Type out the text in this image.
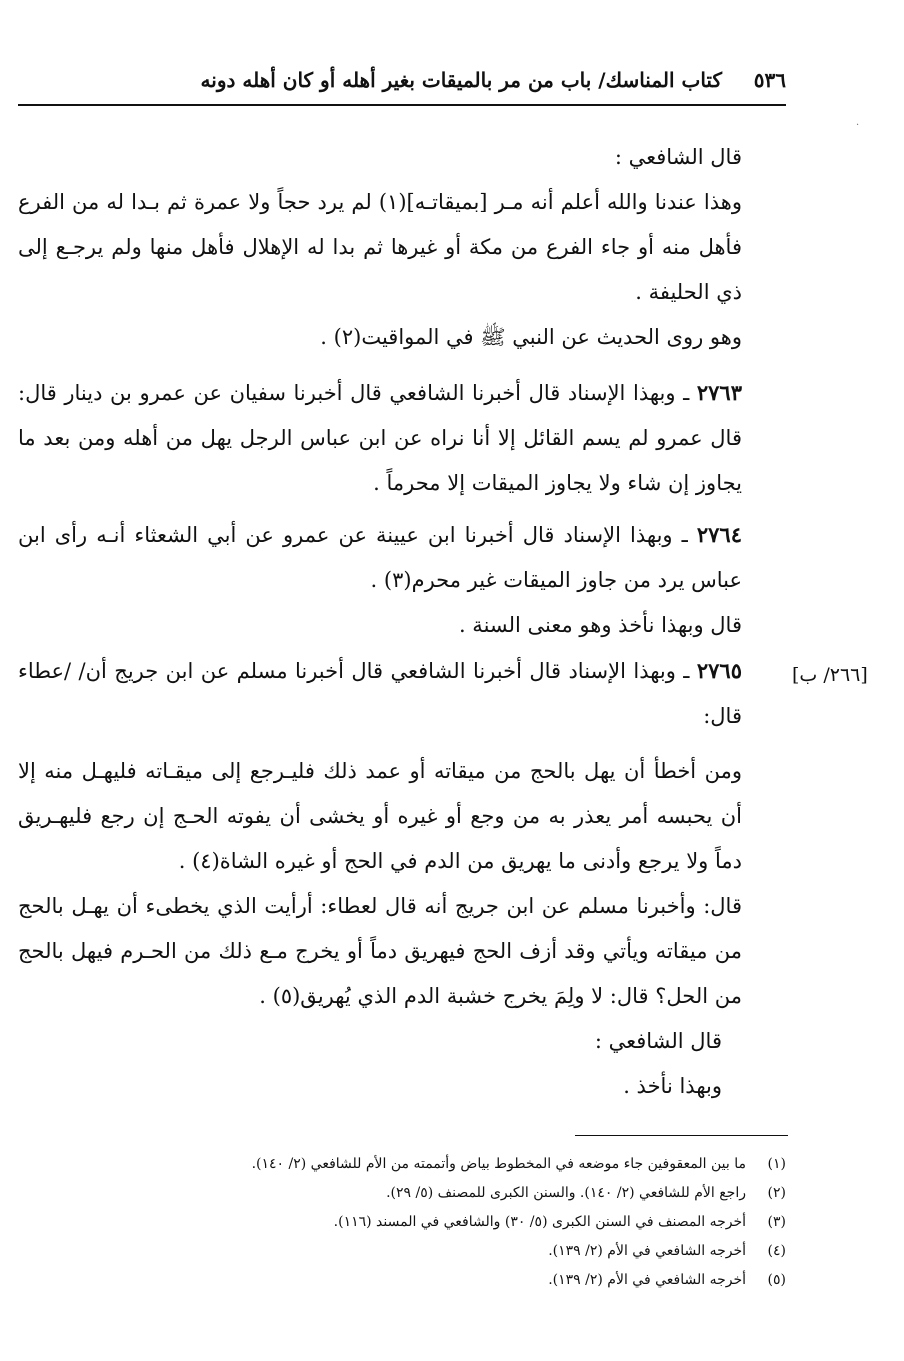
٥٣٦
كتاب المناسك/ باب من مر بالميقات بغير أهله أو كان أهله دونه
·
[٢٦٦/ ب]

قال الشافعي :

وهذا عندنا والله أعلم أنه مـر [بميقاتـه](١) لم يرد حجاً ولا عمرة ثم بـدا له من الفرع فأهل منه أو جاء الفرع من مكة أو غيرها ثم بدا له الإهلال فأهل منها ولم يرجـع إلى ذي الحليفة .

وهو روى الحديث عن النبي ﷺ في المواقيت(٢) .

٢٧٦٣ ـ وبهذا الإسناد قال أخبرنا الشافعي قال أخبرنا سفيان عن عمرو بن دينار قال: قال عمرو لم يسم القائل إلا أنا نراه عن ابن عباس الرجل يهل من أهله ومن بعد ما يجاوز إن شاء ولا يجاوز الميقات إلا محرماً .

٢٧٦٤ ـ وبهذا الإسناد قال أخبرنا ابن عيينة عن عمرو عن أبي الشعثاء أنـه رأى ابن عباس يرد من جاوز الميقات غير محرم(٣) .

قال وبهذا نأخذ وهو معنى السنة .

٢٧٦٥ ـ وبهذا الإسناد قال أخبرنا الشافعي قال أخبرنا مسلم عن ابن جريج أن/ /عطاء قال:

ومن أخطأ أن يهل بالحج من ميقاته أو عمد ذلك فليـرجع إلى ميقـاته فليهـل منه إلا أن يحبسه أمر يعذر به من وجع أو غيره أو يخشى أن يفوته الحـج إن رجع فليهـريق دماً ولا يرجع وأدنى ما يهريق من الدم في الحج أو غيره الشاة(٤) .

قال: وأخبرنا مسلم عن ابن جريج أنه قال لعطاء: أرأيت الذي يخطىء أن يهـل بالحج من ميقاته ويأتي وقد أزف الحج فيهريق دماً أو يخرج مـع ذلك من الحـرم فيهل بالحج من الحل؟ قال: لا ولِمَ يخرج خشبة الدم الذي يُهريق(٥) .

قال الشافعي :

وبهذا نأخذ .

(١)ما بين المعقوفين جاء موضعه في المخطوط بياض وأتممته من الأم للشافعي (٢/ ١٤٠).

(٢)راجع الأم للشافعي (٢/ ١٤٠). والسنن الكبرى للمصنف (٥/ ٢٩).

(٣)أخرجه المصنف في السنن الكبرى (٥/ ٣٠) والشافعي في المسند (١١٦).

(٤)أخرجه الشافعي في الأم (٢/ ١٣٩).

(٥)أخرجه الشافعي في الأم (٢/ ١٣٩).
